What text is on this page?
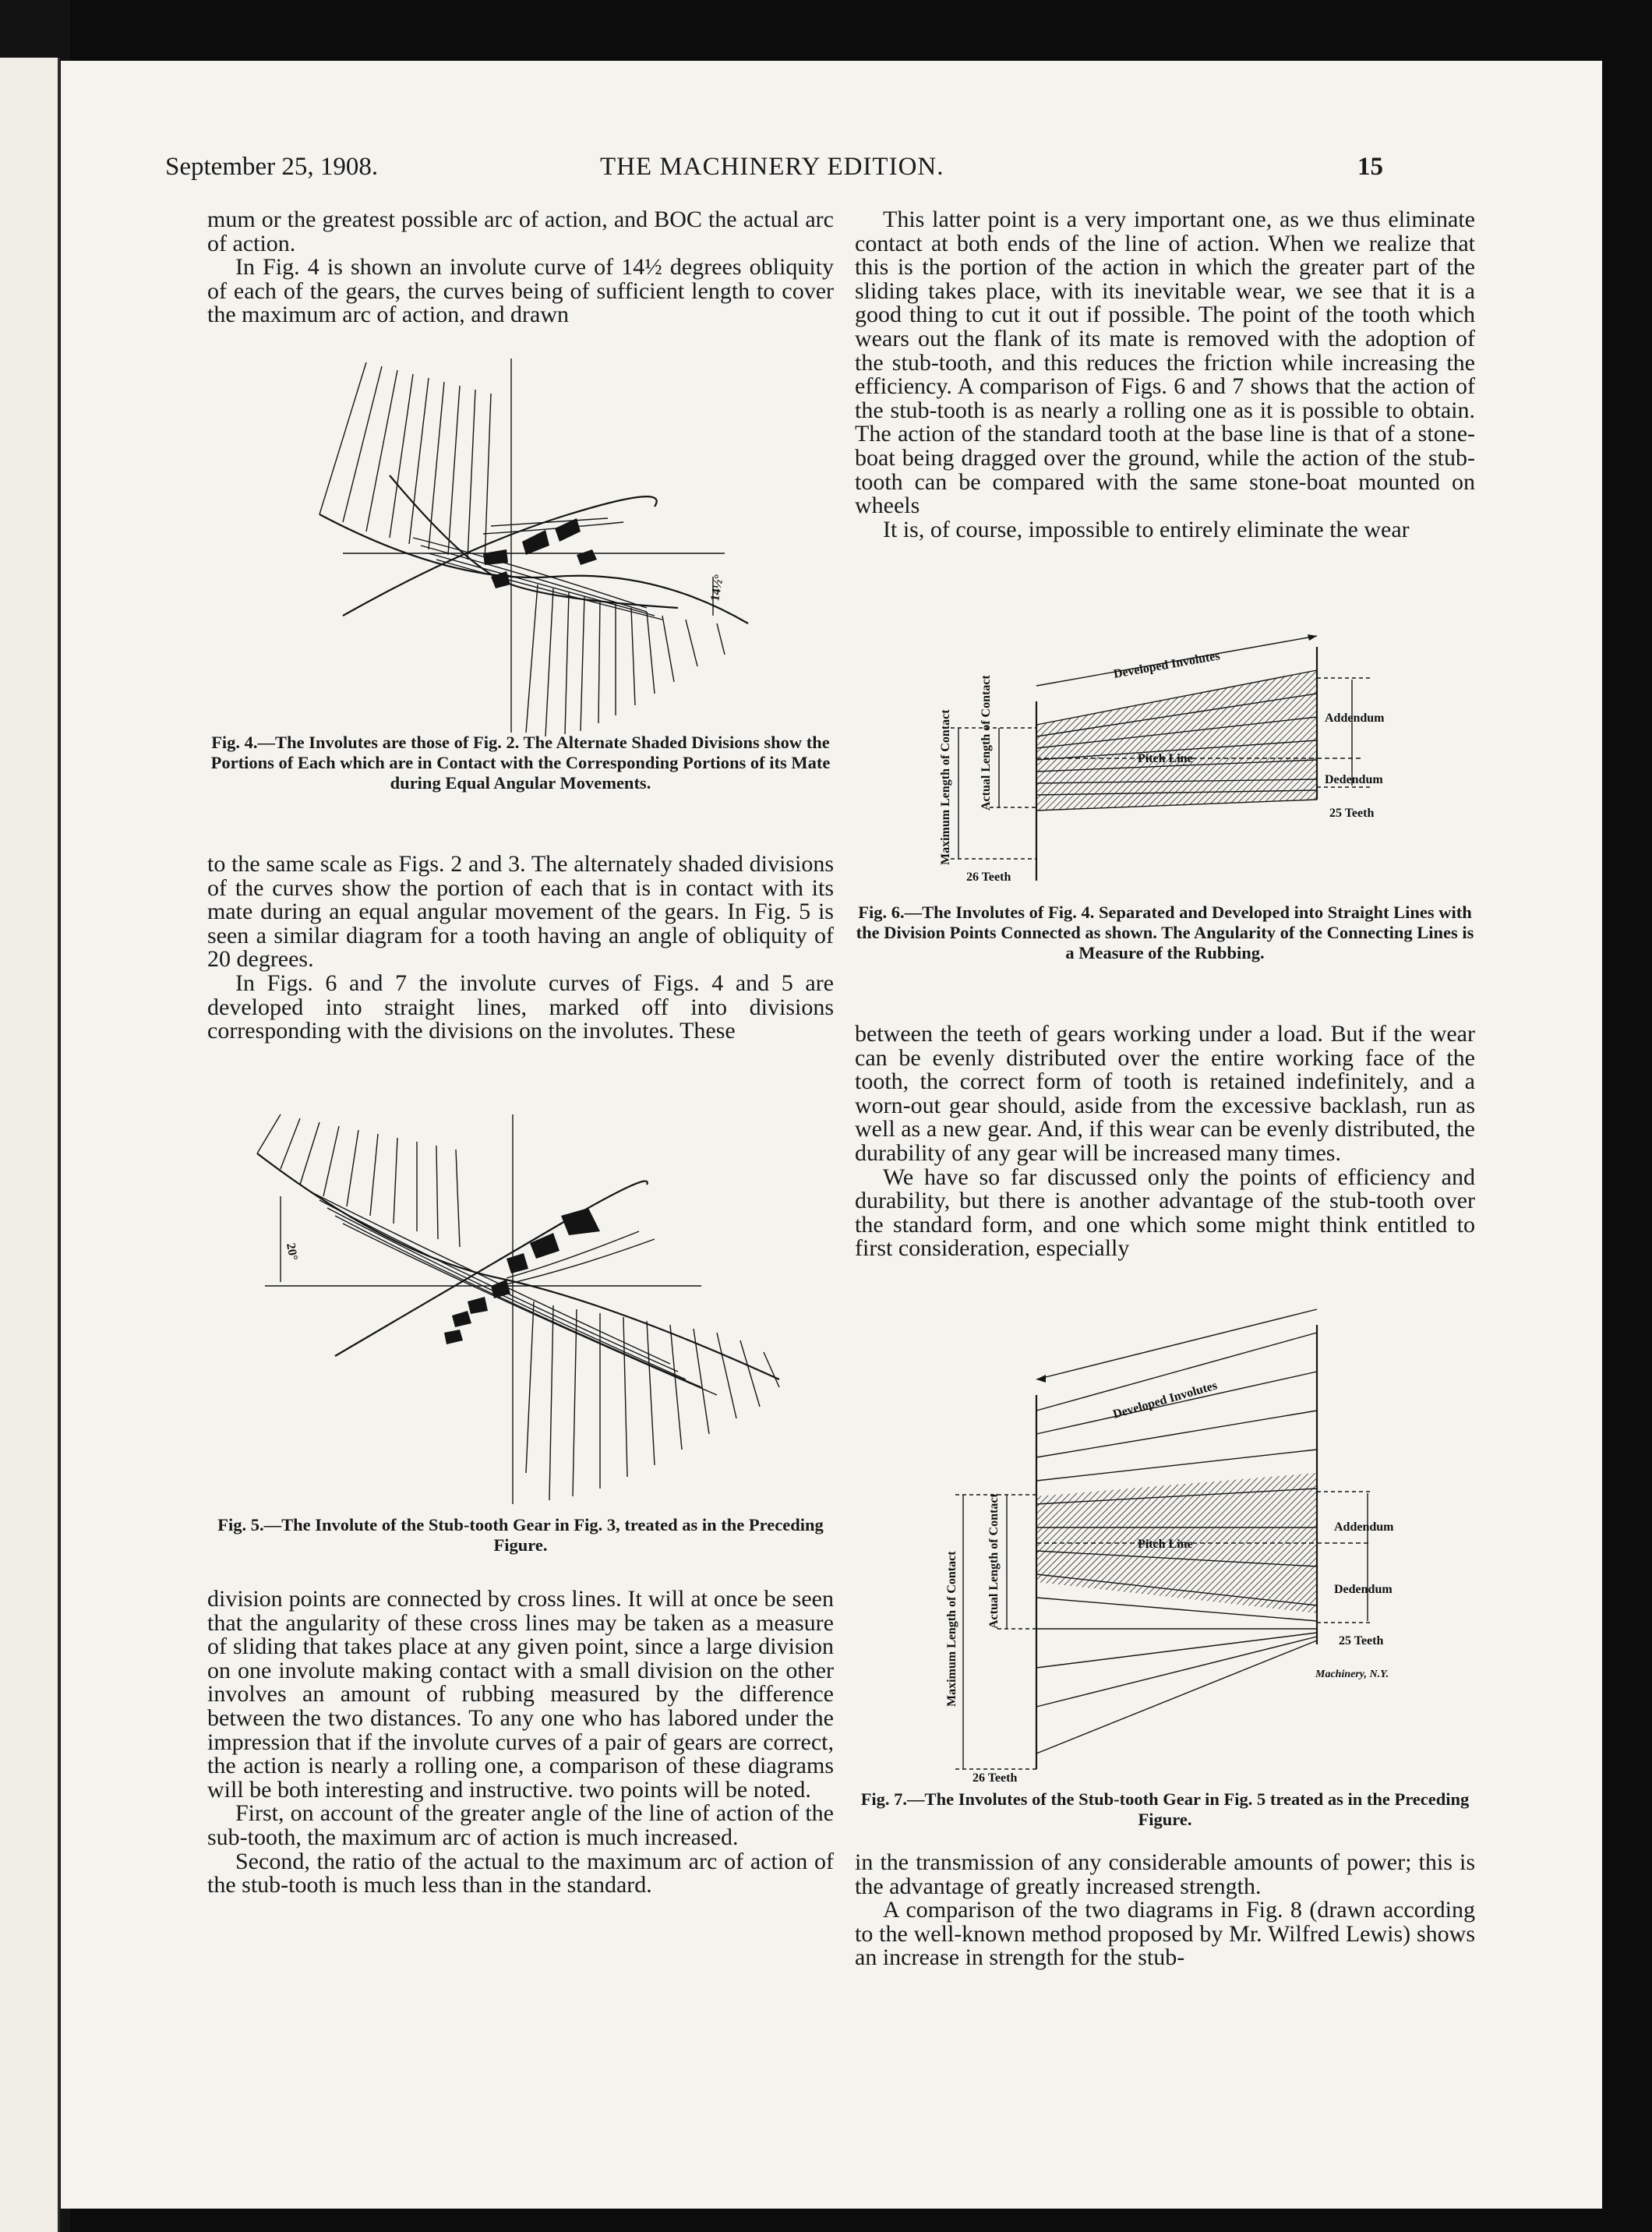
September 25, 1908.	THE MACHINERY EDITION.	15

mum or the greatest possible arc of action, and BOC the actual arc of action.

In Fig. 4 is shown an involute curve of 14½ degrees obliquity of each of the gears, the curves being of sufficient length to cover the maximum arc of action, and drawn

14½°
Fig. 4.—The Involutes are those of Fig. 2. The Alternate Shaded Divisions show the Portions of Each which are in Contact with the Corresponding Portions of its Mate during Equal Angular Movements.

to the same scale as Figs. 2 and 3. The alternately shaded divisions of the curves show the portion of each that is in contact with its mate during an equal angular movement of the gears. In Fig. 5 is seen a similar diagram for a tooth having an angle of obliquity of 20 degrees.

In Figs. 6 and 7 the involute curves of Figs. 4 and 5 are developed into straight lines, marked off into divisions corresponding with the divisions on the involutes. These

20°
Fig. 5.—The Involute of the Stub-tooth Gear in Fig. 3, treated as in the Preceding Figure.

division points are connected by cross lines. It will at once be seen that the angularity of these cross lines may be taken as a measure of sliding that takes place at any given point, since a large division on one involute making contact with a small division on the other involves an amount of rubbing measured by the difference between the two distances. To any one who has labored under the impression that if the involute curves of a pair of gears are correct, the action is nearly a rolling one, a comparison of these diagrams will be both interesting and instructive. two points will be noted.

First, on account of the greater angle of the line of action of the sub-tooth, the maximum arc of action is much increased.

Second, the ratio of the actual to the maximum arc of action of the stub-tooth is much less than in the standard.

This latter point is a very important one, as we thus eliminate contact at both ends of the line of action. When we realize that this is the portion of the action in which the greater part of the sliding takes place, with its inevitable wear, we see that it is a good thing to cut it out if possible. The point of the tooth which wears out the flank of its mate is removed with the adoption of the stub-tooth, and this reduces the friction while increasing the efficiency. A comparison of Figs. 6 and 7 shows that the action of the stub-tooth is as nearly a rolling one as it is possible to obtain. The action of the standard tooth at the base line is that of a stone-boat being dragged over the ground, while the action of the stub-tooth can be compared with the same stone-boat mounted on wheels

It is, of course, impossible to entirely eliminate the wear

Developed Involutes
Addendum
Dedendum
Pitch Line
25 Teeth
26 Teeth
Maximum Length of Contact Actual Length of Contact
Fig. 6.—The Involutes of Fig. 4. Separated and Developed into Straight Lines with the Division Points Connected as shown. The Angularity of the Connecting Lines is a Measure of the Rubbing.

between the teeth of gears working under a load. But if the wear can be evenly distributed over the entire working face of the tooth, the correct form of tooth is retained indefinitely, and a worn-out gear should, aside from the excessive backlash, run as well as a new gear. And, if this wear can be evenly distributed, the durability of any gear will be increased many times.

We have so far discussed only the points of efficiency and durability, but there is another advantage of the stub-tooth over the standard form, and one which some might think entitled to first consideration, especially

Developed Involutes
Addendum
Dedendum
Pitch Line
25 Teeth
26 Teeth
Machinery, N.Y.
Maximum Length of Contact Actual Length of Contact
Fig. 7.—The Involutes of the Stub-tooth Gear in Fig. 5 treated as in the Preceding Figure.

in the transmission of any considerable amounts of power; this is the advantage of greatly increased strength.

A comparison of the two diagrams in Fig. 8 (drawn according to the well-known method proposed by Mr. Wilfred Lewis) shows an increase in strength for the stub-
